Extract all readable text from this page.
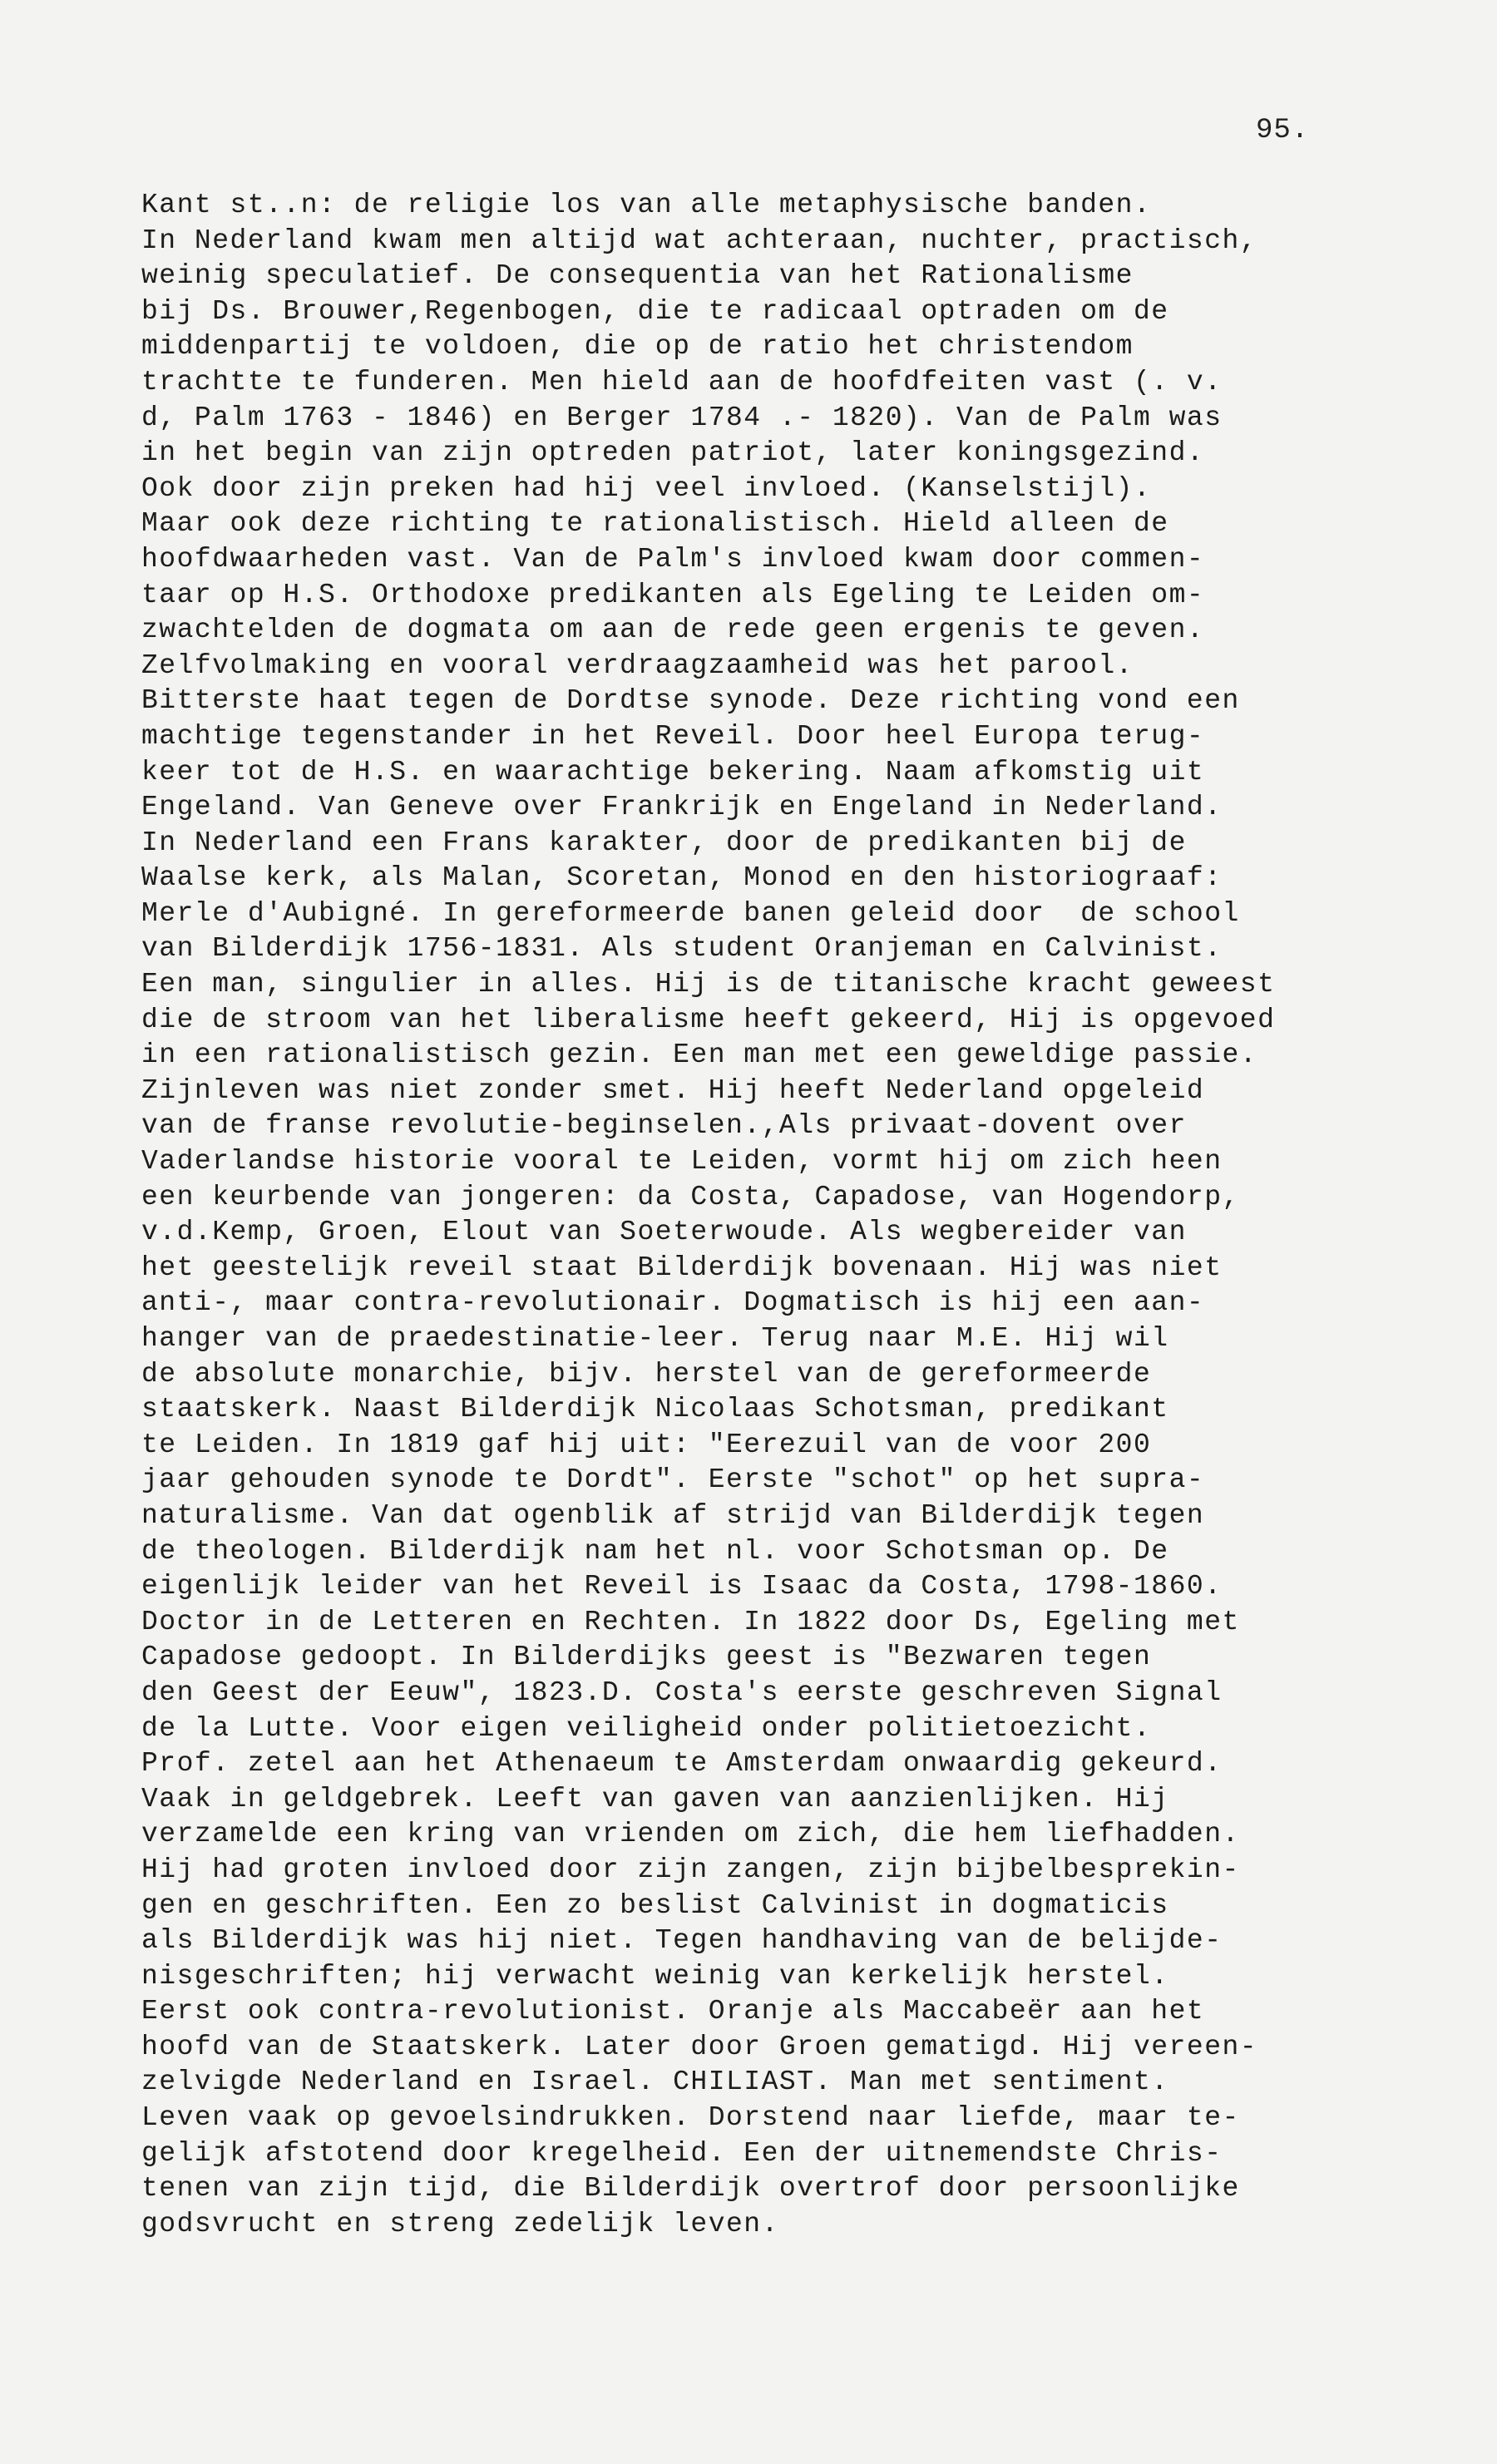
95.
Kant st..n: de religie los van alle metaphysische banden.
In Nederland kwam men altijd wat achteraan, nuchter, practisch,
weinig speculatief. De consequentia van het Rationalisme
bij Ds. Brouwer,Regenbogen, die te radicaal optraden om de
middenpartij te voldoen, die op de ratio het christendom
trachtte te funderen. Men hield aan de hoofdfeiten vast (. v.
d, Palm 1763 - 1846) en Berger 1784 .- 1820). Van de Palm was
in het begin van zijn optreden patriot, later koningsgezind.
Ook door zijn preken had hij veel invloed. (Kanselstijl).
Maar ook deze richting te rationalistisch. Hield alleen de
hoofdwaarheden vast. Van de Palm's invloed kwam door commen-
taar op H.S. Orthodoxe predikanten als Egeling te Leiden om-
zwachtelden de dogmata om aan de rede geen ergenis te geven.
Zelfvolmaking en vooral verdraagzaamheid was het parool.
Bitterste haat tegen de Dordtse synode. Deze richting vond een
machtige tegenstander in het Reveil. Door heel Europa terug-
keer tot de H.S. en waarachtige bekering. Naam afkomstig uit
Engeland. Van Geneve over Frankrijk en Engeland in Nederland.
In Nederland een Frans karakter, door de predikanten bij de
Waalse kerk, als Malan, Scoretan, Monod en den historiograaf:
Merle d'Aubigné. In gereformeerde banen geleid door  de school
van Bilderdijk 1756-1831. Als student Oranjeman en Calvinist.
Een man, singulier in alles. Hij is de titanische kracht geweest
die de stroom van het liberalisme heeft gekeerd, Hij is opgevoed
in een rationalistisch gezin. Een man met een geweldige passie.
Zijnleven was niet zonder smet. Hij heeft Nederland opgeleid
van de franse revolutie-beginselen.,Als privaat-dovent over
Vaderlandse historie vooral te Leiden, vormt hij om zich heen
een keurbende van jongeren: da Costa, Capadose, van Hogendorp,
v.d.Kemp, Groen, Elout van Soeterwoude. Als wegbereider van
het geestelijk reveil staat Bilderdijk bovenaan. Hij was niet
anti-, maar contra-revolutionair. Dogmatisch is hij een aan-
hanger van de praedestinatie-leer. Terug naar M.E. Hij wil
de absolute monarchie, bijv. herstel van de gereformeerde
staatskerk. Naast Bilderdijk Nicolaas Schotsman, predikant
te Leiden. In 1819 gaf hij uit: "Eerezuil van de voor 200
jaar gehouden synode te Dordt". Eerste "schot" op het supra-
naturalisme. Van dat ogenblik af strijd van Bilderdijk tegen
de theologen. Bilderdijk nam het nl. voor Schotsman op. De
eigenlijk leider van het Reveil is Isaac da Costa, 1798-1860.
Doctor in de Letteren en Rechten. In 1822 door Ds, Egeling met
Capadose gedoopt. In Bilderdijks geest is "Bezwaren tegen
den Geest der Eeuw", 1823.D. Costa's eerste geschreven Signal
de la Lutte. Voor eigen veiligheid onder politietoezicht.
Prof. zetel aan het Athenaeum te Amsterdam onwaardig gekeurd.
Vaak in geldgebrek. Leeft van gaven van aanzienlijken. Hij
verzamelde een kring van vrienden om zich, die hem liefhadden.
Hij had groten invloed door zijn zangen, zijn bijbelbesprekin-
gen en geschriften. Een zo beslist Calvinist in dogmaticis
als Bilderdijk was hij niet. Tegen handhaving van de belijde-
nisgeschriften; hij verwacht weinig van kerkelijk herstel.
Eerst ook contra-revolutionist. Oranje als Maccabeër aan het
hoofd van de Staatskerk. Later door Groen gematigd. Hij vereen-
zelvigde Nederland en Israel. CHILIAST. Man met sentiment.
Leven vaak op gevoelsindrukken. Dorstend naar liefde, maar te-
gelijk afstotend door kregelheid. Een der uitnemendste Chris-
tenen van zijn tijd, die Bilderdijk overtrof door persoonlijke
godsvrucht en streng zedelijk leven.
